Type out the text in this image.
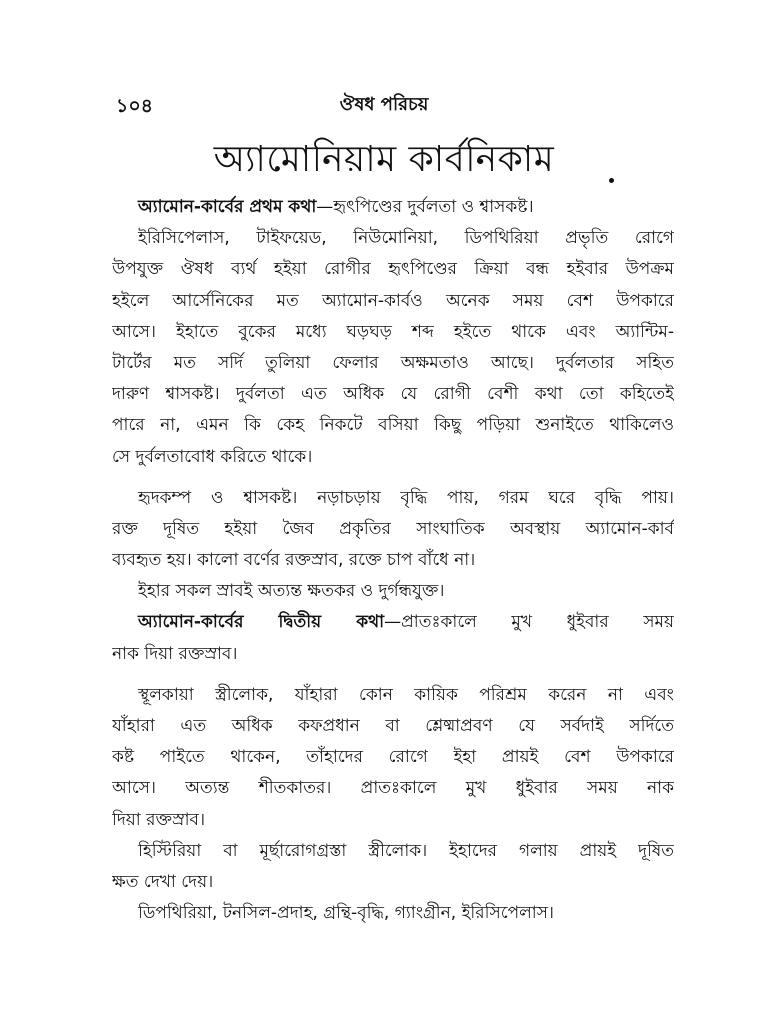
১০৪	ঔষধ পরিচয়
অ্যামোনিয়াম কার্বনিকাম
অ্যামোন-কার্বের প্রথম কথা—হৃৎপিণ্ডের দুর্বলতা ও শ্বাসকষ্ট।
ইরিসিপেলাস, টাইফয়েড, নিউমোনিয়া, ডিপথিরিয়া প্রভৃতি রোগে
উপযুক্ত ঔষধ ব্যর্থ হইয়া রোগীর হৃৎপিণ্ডের ক্রিয়া বন্ধ হইবার উপক্রম
হইলে আর্সেনিকের মত অ্যামোন-কার্বও অনেক সময় বেশ উপকারে
আসে। ইহাতে বুকের মধ্যে ঘড়ঘড় শব্দ হইতে থাকে এবং অ্যান্টিম-
টার্টের মত সর্দি তুলিয়া ফেলার অক্ষমতাও আছে। দুর্বলতার সহিত
দারুণ শ্বাসকষ্ট। দুর্বলতা এত অধিক যে রোগী বেশী কথা তো কহিতেই
পারে না, এমন কি কেহ নিকটে বসিয়া কিছু পড়িয়া শুনাইতে থাকিলেও
সে দুর্বলতাবোধ করিতে থাকে।
হৃদকম্প ও শ্বাসকষ্ট। নড়াচড়ায় বৃদ্ধি পায়, গরম ঘরে বৃদ্ধি পায়।
রক্ত দূষিত হইয়া জৈব প্রকৃতির সাংঘাতিক অবস্থায় অ্যামোন-কার্ব
ব্যবহৃত হয়। কালো বর্ণের রক্তস্রাব, রক্তে চাপ বাঁধে না।
ইহার সকল স্রাবই অত্যন্ত ক্ষতকর ও দুর্গন্ধযুক্ত।
অ্যামোন-কার্বের দ্বিতীয় কথা—প্রাতঃকালে মুখ ধুইবার সময়
নাক দিয়া রক্তস্রাব।
স্থূলকায়া স্ত্রীলোক, যাঁহারা কোন কায়িক পরিশ্রম করেন না এবং
যাঁহারা এত অধিক কফপ্রধান বা শ্লেষ্মাপ্রবণ যে সর্বদাই সর্দিতে
কষ্ট পাইতে থাকেন, তাঁহাদের রোগে ইহা প্রায়ই বেশ উপকারে
আসে। অত্যন্ত শীতকাতর। প্রাতঃকালে মুখ ধুইবার সময় নাক
দিয়া রক্তস্রাব।
হিস্টিরিয়া বা মূর্ছারোগগ্রস্তা স্ত্রীলোক। ইহাদের গলায় প্রায়ই দূষিত
ক্ষত দেখা দেয়।
ডিপথিরিয়া, টনসিল-প্রদাহ, গ্রন্থি-বৃদ্ধি, গ্যাংগ্রীন, ইরিসিপেলাস।
